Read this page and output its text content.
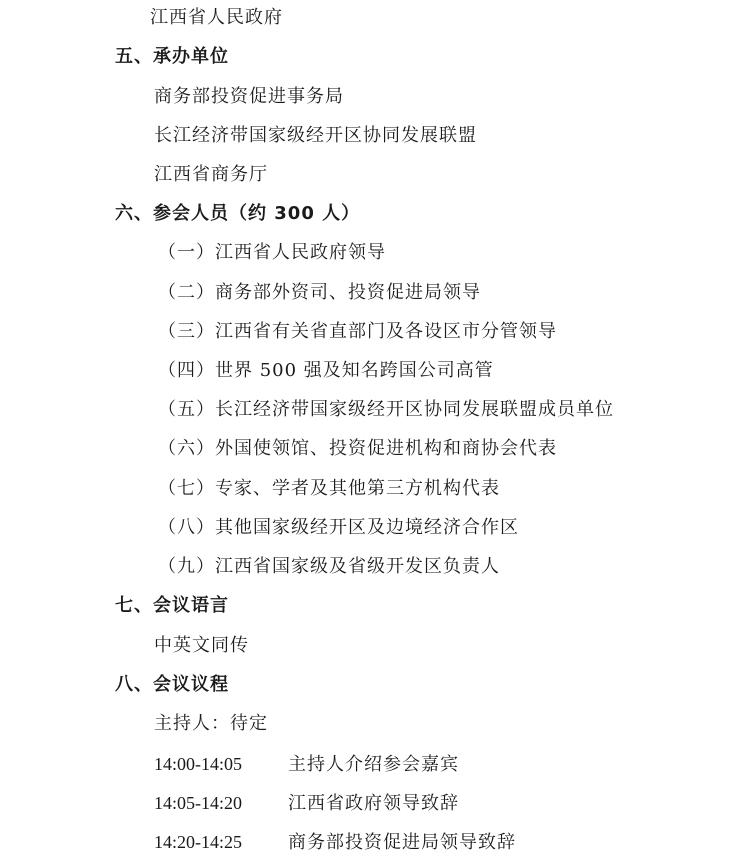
江西省人民政府
五、承办单位
商务部投资促进事务局
长江经济带国家级经开区协同发展联盟
江西省商务厅
六、参会人员（约 300 人）
（一）江西省人民政府领导
（二）商务部外资司、投资促进局领导
（三）江西省有关省直部门及各设区市分管领导
（四）世界 500 强及知名跨国公司高管
（五）长江经济带国家级经开区协同发展联盟成员单位
（六）外国使领馆、投资促进机构和商协会代表
（七）专家、学者及其他第三方机构代表
（八）其他国家级经开区及边境经济合作区
（九）江西省国家级及省级开发区负责人
七、会议语言
中英文同传
八、会议议程
主持人：待定
14:00-14:05	主持人介绍参会嘉宾
14:05-14:20	江西省政府领导致辞
14:20-14:25	商务部投资促进局领导致辞
